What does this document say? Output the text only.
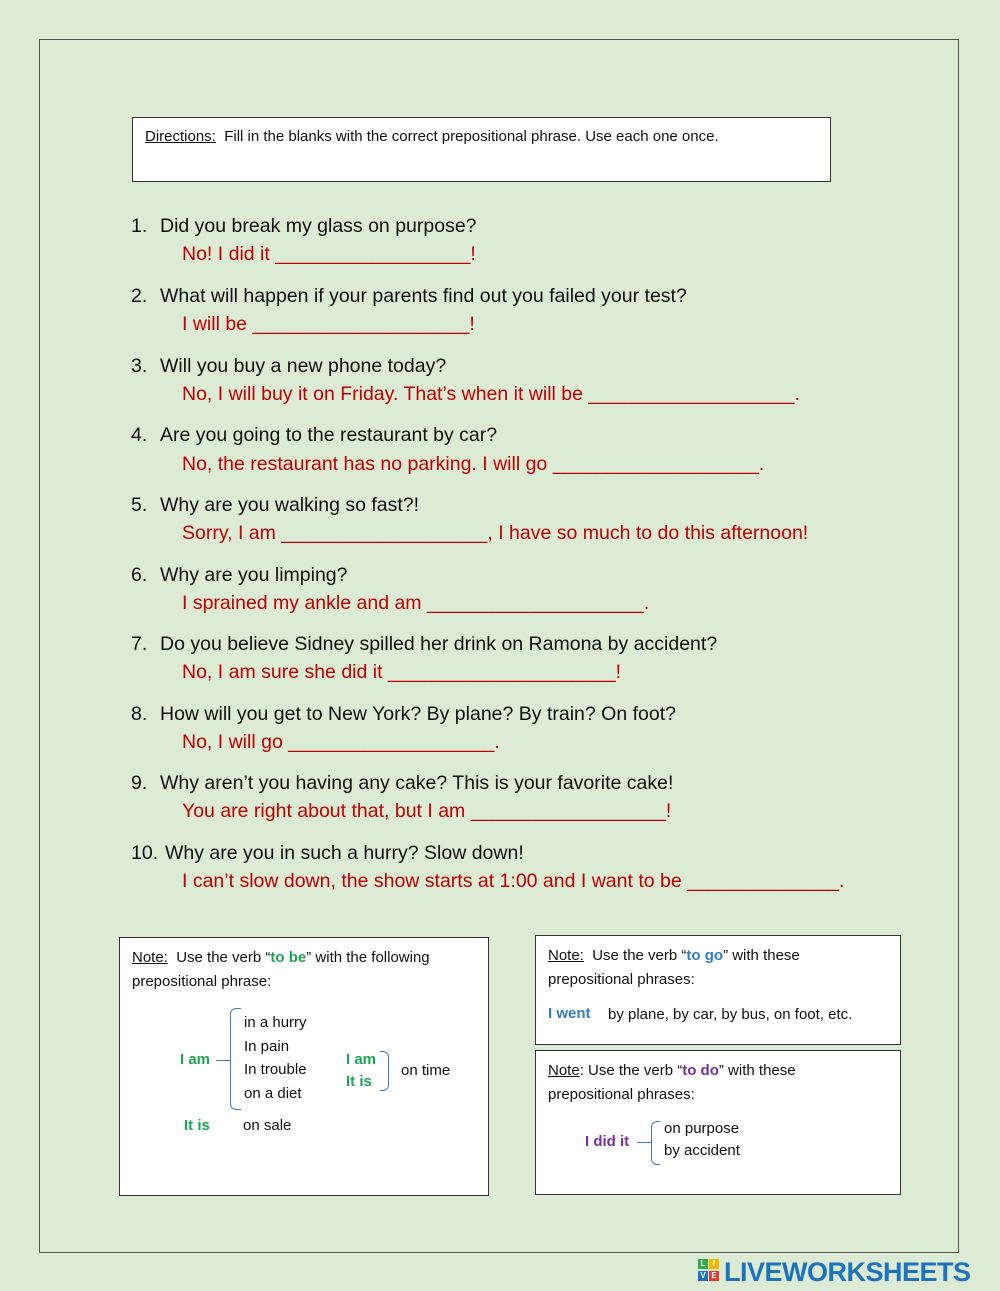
Directions:  Fill in the blanks with the correct prepositional phrase. Use each one once.
1. Did you break my glass on purpose?
No! I did it __________________!
2. What will happen if your parents find out you failed your test?
I will be ____________________!
3. Will you buy a new phone today?
No, I will buy it on Friday. That’s when it will be ___________________.
4. Are you going to the restaurant by car?
No, the restaurant has no parking. I will go ___________________.
5. Why are you walking so fast?!
Sorry, I am ___________________, I have so much to do this afternoon!
6. Why are you limping?
I sprained my ankle and am ____________________.
7. Do you believe Sidney spilled her drink on Ramona by accident?
No, I am sure she did it _____________________!
8. How will you get to New York? By plane? By train? On foot?
No, I will go ___________________.
9. Why aren’t you having any cake? This is your favorite cake!
You are right about that, but I am __________________!
10. Why are you in such a hurry? Slow down!
I can’t slow down, the show starts at 1:00 and I want to be ______________.
Note:  Use the verb “to be” with the following
prepositional phrase:
I am
in a hurry
In pain
In trouble
on a diet
I am
It is
on time
It is on sale
Note:  Use the verb “to go” with these
prepositional phrases:
I went by plane, by car, by bus, on foot, etc.
Note: Use the verb “to do” with these
prepositional phrases:
I did it
on purpose
by accident
L I
V E LIVEWORKSHEETS
